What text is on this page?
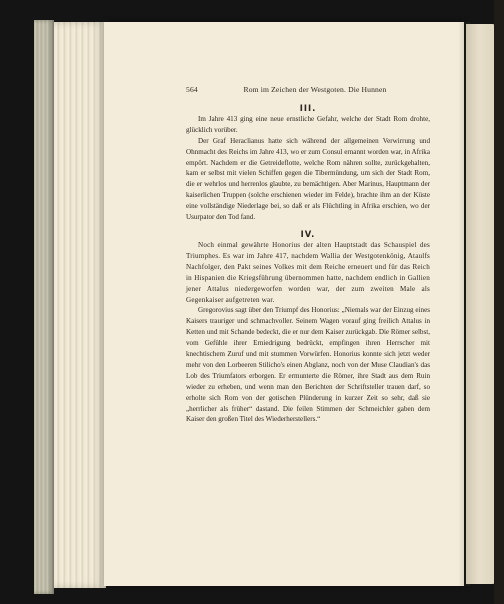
564	Rom im Zeichen der Westgoten. Die Hunnen
III.

Im Jahre 413 ging eine neue ernstliche Gefahr, welche der Stadt Rom drohte, glücklich vorüber.

Der Graf Heraclianus hatte sich während der allgemeinen Verwirrung und Ohnmacht des Reichs im Jahre 413, wo er zum Consul ernannt worden war, in Afrika empört. Nachdem er die Getreideflotte, welche Rom nähren sollte, zurückgehalten, kam er selbst mit vielen Schiffen gegen die Tibermündung, um sich der Stadt Rom, die er wehrlos und herrenlos glaubte, zu bemächtigen. Aber Marinus, Hauptmann der kaiserlichen Truppen (solche erschienen wieder im Felde), brachte ihm an der Küste eine vollständige Niederlage bei, so daß er als Flüchtling in Afrika erschien, wo der Usurpator den Tod fand.

IV.

Noch einmal gewährte Honorius der alten Hauptstadt das Schauspiel des Triumphes. Es war im Jahre 417, nachdem Wallia der Westgotenkönig, Ataulfs Nachfolger, den Pakt seines Volkes mit dem Reiche erneuert und für das Reich in Hispanien die Kriegsführung übernommen hatte, nachdem endlich in Gallien jener Attalus niedergeworfen worden war, der zum zweiten Male als Gegenkaiser aufgetreten war.

Gregorovius sagt über den Triumpf des Honorius: „Niemals war der Einzug eines Kaisers trauriger und schmachvoller. Seinem Wagen vorauf ging freilich Attalus in Ketten und mit Schande bedeckt, die er nur dem Kaiser zurückgab. Die Römer selbst, vom Gefühle ihrer Erniedrigung bedrückt, empfingen ihren Herrscher mit knechtischem Zuruf und mit stummen Vorwürfen. Honorius konnte sich jetzt weder mehr von den Lorbeeren Stilicho's einen Abglanz, noch von der Muse Claudian's das Lob des Triumfators erborgen. Er ermunterte die Römer, ihre Stadt aus dem Ruin wieder zu erheben, und wenn man den Berichten der Schriftsteller trauen darf, so erholte sich Rom von der gotischen Plünderung in kurzer Zeit so sehr, daß sie „herrlicher als früher“ dastand. Die feilen Stimmen der Schmeichler gaben dem Kaiser den großen Titel des Wiederherstellers.“
